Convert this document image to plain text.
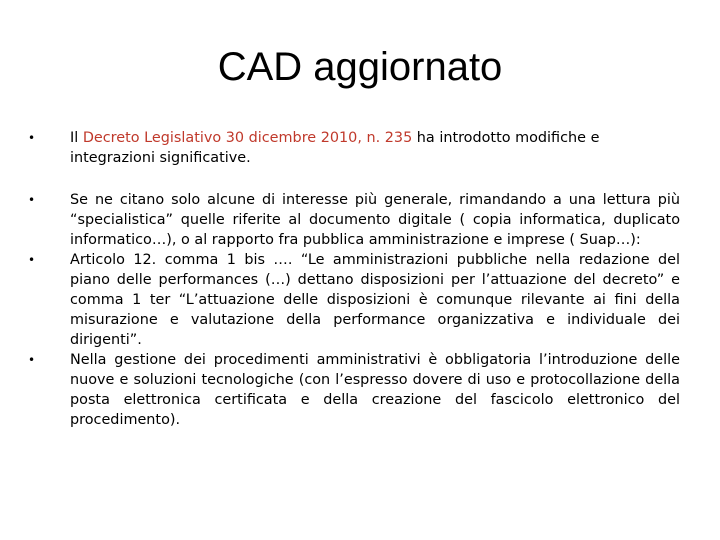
CAD aggiornato
•	Il Decreto Legislativo 30 dicembre 2010, n. 235 ha introdotto modifiche e integrazioni significative.
•	Se ne citano solo alcune di interesse più generale, rimandando a una lettura più “specialistica” quelle riferite al documento digitale ( copia informatica, duplicato informatico…), o al rapporto fra pubblica amministrazione e imprese ( Suap…):
•	Articolo 12. comma 1 bis …. “Le amministrazioni pubbliche nella redazione del piano delle performances (…) dettano disposizioni per l’attuazione del decreto” e comma 1 ter “L’attuazione delle disposizioni è comunque rilevante ai fini della misurazione e valutazione della performance organizzativa e individuale dei dirigenti”.
•	Nella gestione dei procedimenti amministrativi è obbligatoria l’introduzione delle nuove e soluzioni tecnologiche (con l’espresso dovere di uso e protocollazione della posta elettronica certificata e della creazione del fascicolo elettronico del procedimento).
